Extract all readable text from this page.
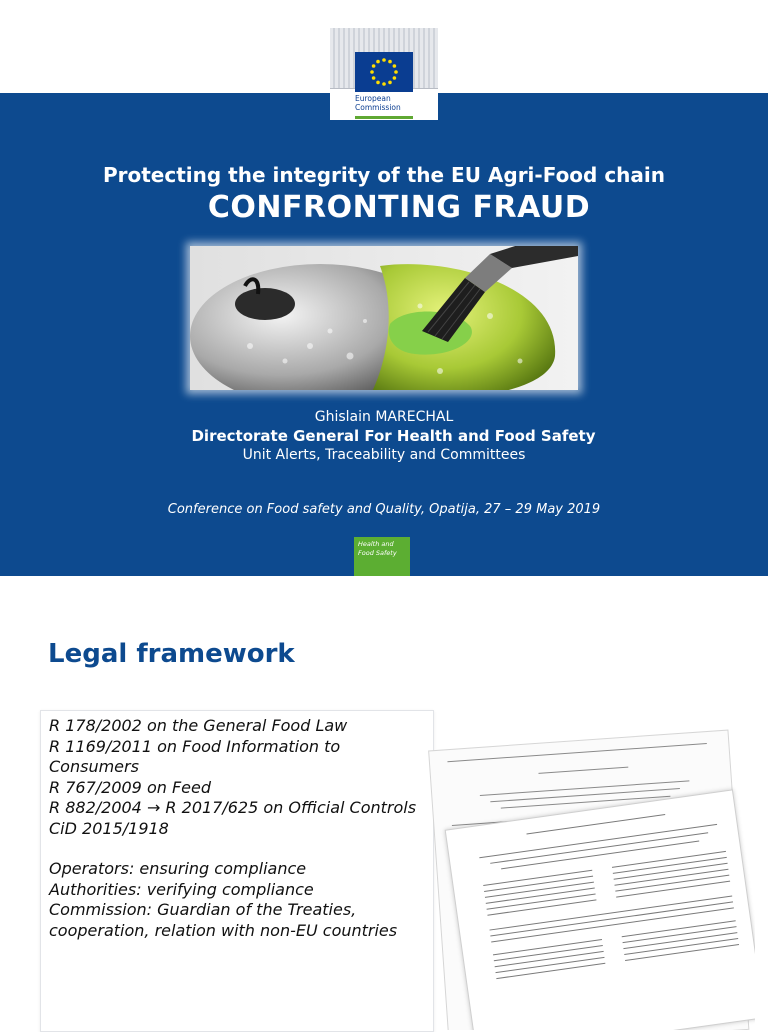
European
Commission
Protecting the integrity of the EU Agri-Food chain
CONFRONTING FRAUD
Ghislain MARECHAL
Directorate General For Health and Food Safety
Unit Alerts, Traceability and Committees
Conference on Food safety and Quality, Opatija, 27 – 29 May 2019
Health and
Food Safety
Legal framework

R 178/2002 on the General Food Law

R 1169/2011 on Food Information to Consumers

R 767/2009 on Feed

R 882/2004 → R 2017/625 on Official Controls

CiD 2015/1918

Operators: ensuring compliance

Authorities: verifying compliance

Commission: Guardian of the Treaties, cooperation, relation with non-EU countries
